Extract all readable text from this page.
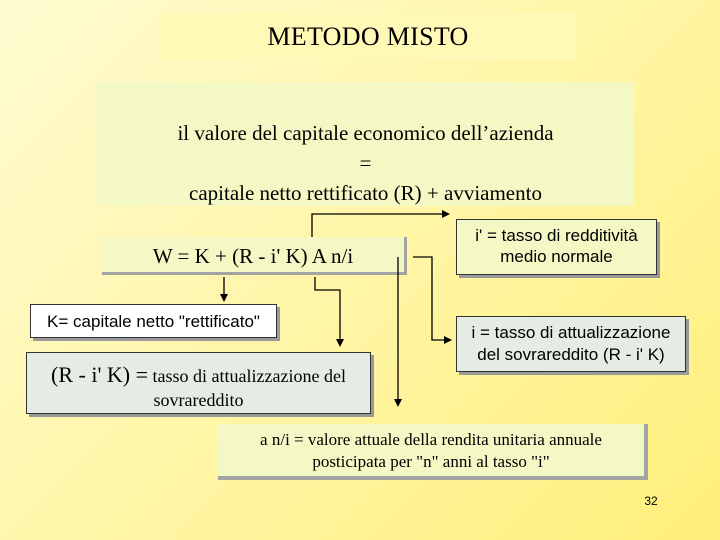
METODO MISTO
il valore del capitale economico dell’azienda
=
capitale netto rettificato (R) + avviamento
W = K + (R - i' K) A n/i
K= capitale netto "rettificato"
(R - i' K) = tasso di attualizzazione del
sovrareddito
i' = tasso di redditività
medio normale
i = tasso di attualizzazione
del sovrareddito (R - i' K)
a n/i = valore attuale della rendita unitaria annuale
posticipata per "n" anni al tasso "i"
32
